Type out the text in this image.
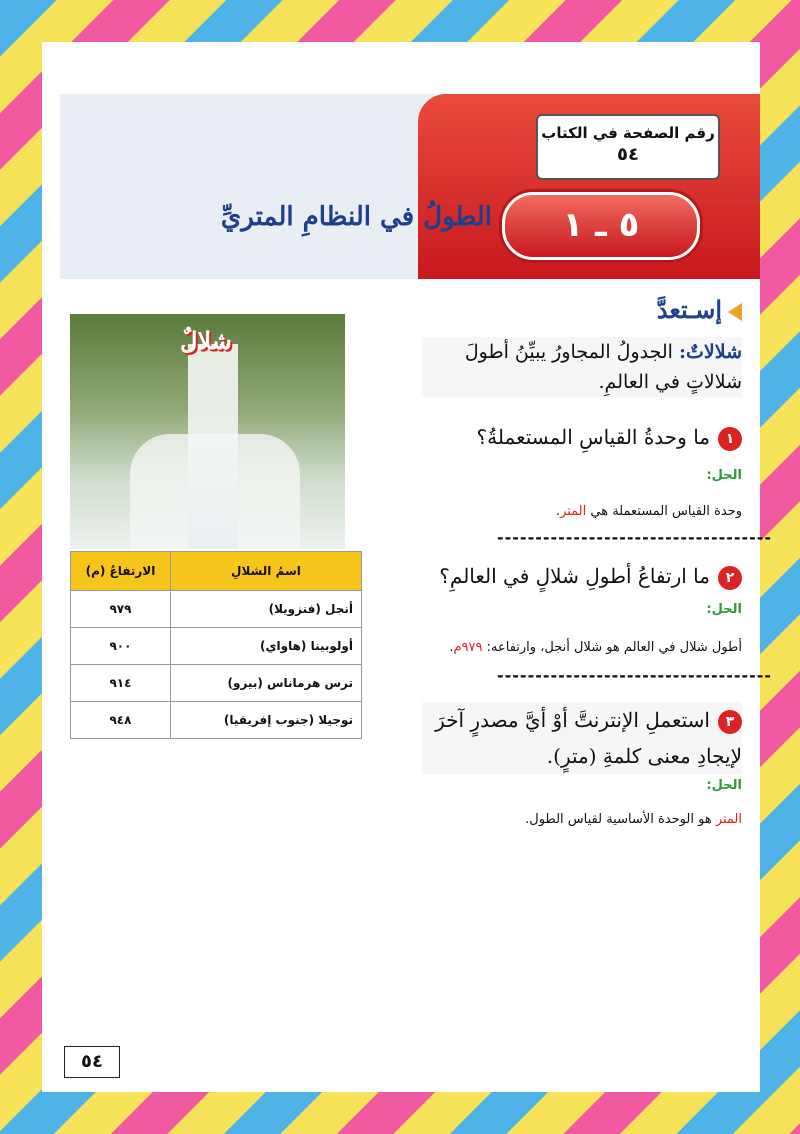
رقم الصفحة في الكتاب
٥٤
٥ ـ ١
الطولُ في النظامِ المتريِّ
إسـتعدَّ
شلالاتٌ: الجدولُ المجاورُ يبيِّنُ أطولَ شلالاتٍ في العالمِ.
١ما وحدةُ القياسِ المستعملةُ؟
الحل:
وحدة القياس المستعملة هي المتر.
------------------------------------
٢ما ارتفاعُ أطولِ شلالٍ في العالمِ؟
الحل:
أطول شلال في العالم هو شلال أنجل، وارتفاعه: ٩٧٩م.
------------------------------------
٣استعملِ الإنترنتَّ أوْ أيَّ مصدرٍ آخرَ لإيجادِ معنى كلمةِ (مترٍ).
الحل:
المتر هو الوحدة الأساسية لقياس الطول.
شلالٌ
اسمُ الشلالِ	الارتفاعُ (م)
أنجل (فنزويلا)	٩٧٩
أولوبينا (هاواي)	٩٠٠
ترس هرماناس (بيرو)	٩١٤
توجيلا (جنوب إفريقيا)	٩٤٨
٥٤
